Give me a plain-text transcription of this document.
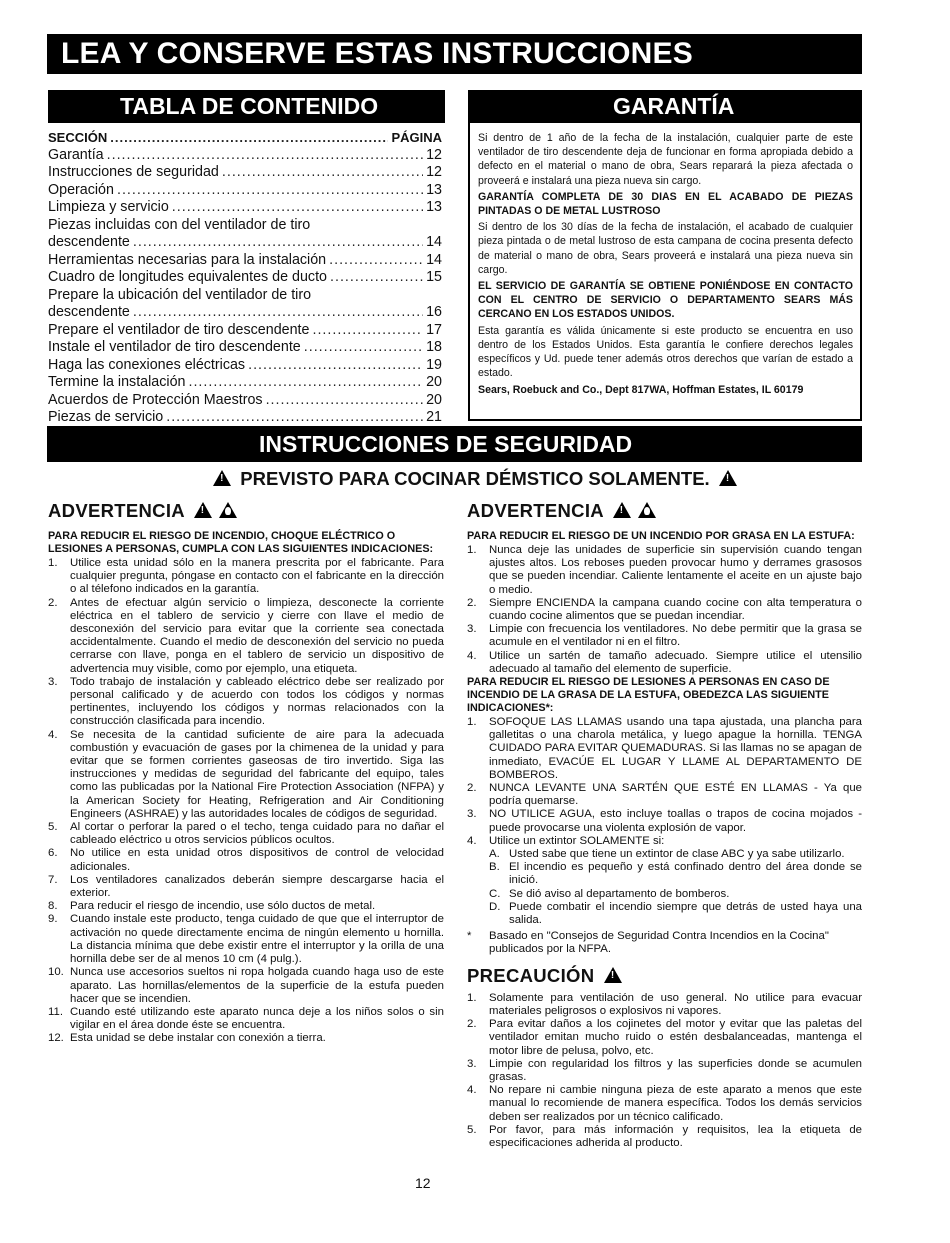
LEA Y CONSERVE ESTAS INSTRUCCIONES
TABLA DE CONTENIDO
SECCIÓN .....	PÁGINA
Garantía .....	12
Instrucciones de seguridad .....	12
Operación .....	13
Limpieza y servicio .....	13
Piezas incluidas con del ventilador de tiro
descendente .....	14
Herramientas necesarias para la instalación .....	14
Cuadro de longitudes equivalentes de ducto .....	15
Prepare la ubicación del ventilador de tiro
descendente .....	16
Prepare el ventilador de tiro descendente .....	17
Instale el ventilador de tiro descendente .....	18
Haga las conexiones eléctricas .....	19
Termine la instalación .....	20
Acuerdos de Protección Maestros .....	20
Piezas de servicio .....	21
GARANTÍA

Si dentro de 1 año de la fecha de la instalación, cualquier parte de este ventilador de tiro descendente deja de funcionar en forma apropiada debido a defecto en el material o mano de obra, Sears reparará la pieza afectada o proveerá e instalará una pieza nueva sin cargo.

GARANTÍA COMPLETA DE 30 DIAS EN EL ACABADO DE PIEZAS PINTADAS O DE METAL LUSTROSO

Si dentro de los 30 días de la fecha de instalación, el acabado de cualquier pieza pintada o de metal lustroso de esta campana de cocina presenta defecto de material o mano de obra, Sears proveerá e instalará una pieza nueva sin cargo.

EL SERVICIO DE GARANTÍA SE OBTIENE PONIÉNDOSE EN CONTACTO CON EL CENTRO DE SERVICIO O DEPARTAMENTO SEARS MÁS CERCANO EN LOS ESTADOS UNIDOS.

Esta garantía es válida únicamente si este producto se encuentra en uso dentro de los Estados Unidos. Esta garantía le confiere derechos legales específicos y Ud. puede tener además otros derechos que varían de estado a estado.

Sears, Roebuck and Co., Dept 817WA, Hoffman Estates, IL 60179

INSTRUCCIONES DE SEGURIDAD
! PREVISTO PARA COCINAR DÉMSTICO SOLAMENTE. !
ADVERTENCIA !

PARA REDUCIR EL RIESGO DE INCENDIO, CHOQUE ELÉCTRICO O LESIONES A PERSONAS, CUMPLA CON LAS SIGUIENTES INDICACIONES:

1.	Utilice esta unidad sólo en la manera prescrita por el fabricante. Para cualquier pregunta, póngase en contacto con el fabricante en la dirección o al télefono indicados en la garantía.
2.	Antes de efectuar algún servicio o limpieza, desconecte la corriente eléctrica en el tablero de servicio y cierre con llave el medio de desconexión del servicio para evitar que la corriente sea conectada accidentalmente. Cuando el medio de desconexión del servicio no pueda cerrarse con llave, ponga en el tablero de servicio un dispositivo de advertencia muy visible, como por ejemplo, una etiqueta.
3.	Todo trabajo de instalación y cableado eléctrico debe ser realizado por personal calificado y de acuerdo con todos los códigos y normas pertinentes, incluyendo los códigos y normas relacionados con la construcción clasificada para incendio.
4.	Se necesita de la cantidad suficiente de aire para la adecuada combustión y evacuación de gases por la chimenea de la unidad y para evitar que se formen corrientes gaseosas de tiro invertido. Siga las instrucciones y medidas de seguridad del fabricante del equipo, tales como las publicadas por la National Fire Protection Association (NFPA) y la American Society for Heating, Refrigeration and Air Conditioning Engineers (ASHRAE) y las autoridades locales de códigos de seguridad.
5.	Al cortar o perforar la pared o el techo, tenga cuidado para no dañar el cableado eléctrico u otros servicios públicos ocultos.
6.	No utilice en esta unidad otros dispositivos de control de velocidad adicionales.
7.	Los ventiladores canalizados deberán siempre descargarse hacia el exterior.
8.	Para reducir el riesgo de incendio, use sólo ductos de metal.
9.	Cuando instale este producto, tenga cuidado de que que el interruptor de activación no quede directamente encima de ningún elemento u hornilla. La distancia mínima que debe existir entre el interruptor y la orilla de una hornilla debe ser de al menos 10 cm (4 pulg.).
10. Nunca use accesorios sueltos ni ropa holgada cuando haga uso de este aparato. Las hornillas/elementos de la superficie de la estufa pueden hacer que se incendien.
11. Cuando esté utilizando este aparato nunca deje a los niños solos o sin vigilar en el área donde éste se encuentra.
12. Esta unidad se debe instalar con conexión a tierra.
ADVERTENCIA !

PARA REDUCIR EL RIESGO DE UN INCENDIO POR GRASA EN LA ESTUFA:

1.	Nunca deje las unidades de superficie sin supervisión cuando tengan ajustes altos. Los reboses pueden provocar humo y derrames grasosos que se pueden incendiar. Caliente lentamente el aceite en un ajuste bajo o medio.
2.	Siempre ENCIENDA la campana cuando cocine con alta temperatura o cuando cocine alimentos que se puedan incendiar.
3.	Limpie con frecuencia los ventiladores. No debe permitir que la grasa se acumule en el ventilador ni en el filtro.
4.	Utilice un sartén de tamaño adecuado. Siempre utilice el utensilio adecuado al tamaño del elemento de superficie.

PARA REDUCIR EL RIESGO DE LESIONES A PERSONAS EN CASO DE INCENDIO DE LA GRASA DE LA ESTUFA, OBEDEZCA LAS SIGUIENTE INDICACIONES*:

1.	SOFOQUE LAS LLAMAS usando una tapa ajustada, una plancha para galletitas o una charola metálica, y luego apague la hornilla. TENGA CUIDADO PARA EVITAR QUEMADURAS. Si las llamas no se apagan de inmediato, EVACÚE EL LUGAR Y LLAME AL DEPARTAMENTO DE BOMBEROS.
2.	NUNCA LEVANTE UNA SARTÉN QUE ESTÉ EN LLAMAS - Ya que podría quemarse.
3.	NO UTILICE AGUA, esto incluye toallas o trapos de cocina mojados - puede provocarse una violenta explosión de vapor.
4.	Utilice un extintor SOLAMENTE si:
A. Usted sabe que tiene un extintor de clase ABC y ya sabe utilizarlo.
B. El incendio es pequeño y está confinado dentro del área donde se inició.
C. Se dió aviso al departamento de bomberos.
D. Puede combatir el incendio siempre que detrás de usted haya una salida.
*	Basado en "Consejos de Seguridad Contra Incendios en la Cocina" publicados por la NFPA.
PRECAUCIÓN !
1.	Solamente para ventilación de uso general. No utilice para evacuar materiales peligrosos o explosivos ni vapores.
2.	Para evitar daños a los cojinetes del motor y evitar que las paletas del ventilador emitan mucho ruido o estén desbalanceadas, mantenga el motor libre de pelusa, polvo, etc.
3.	Limpie con regularidad los filtros y las superficies donde se acumulen grasas.
4.	No repare ni cambie ninguna pieza de este aparato a menos que este manual lo recomiende de manera específica. Todos los demás servicios deben ser realizados por un técnico calificado.
5.	Por favor, para más información y requisitos, lea la etiqueta de especificaciones adherida al producto.
12
